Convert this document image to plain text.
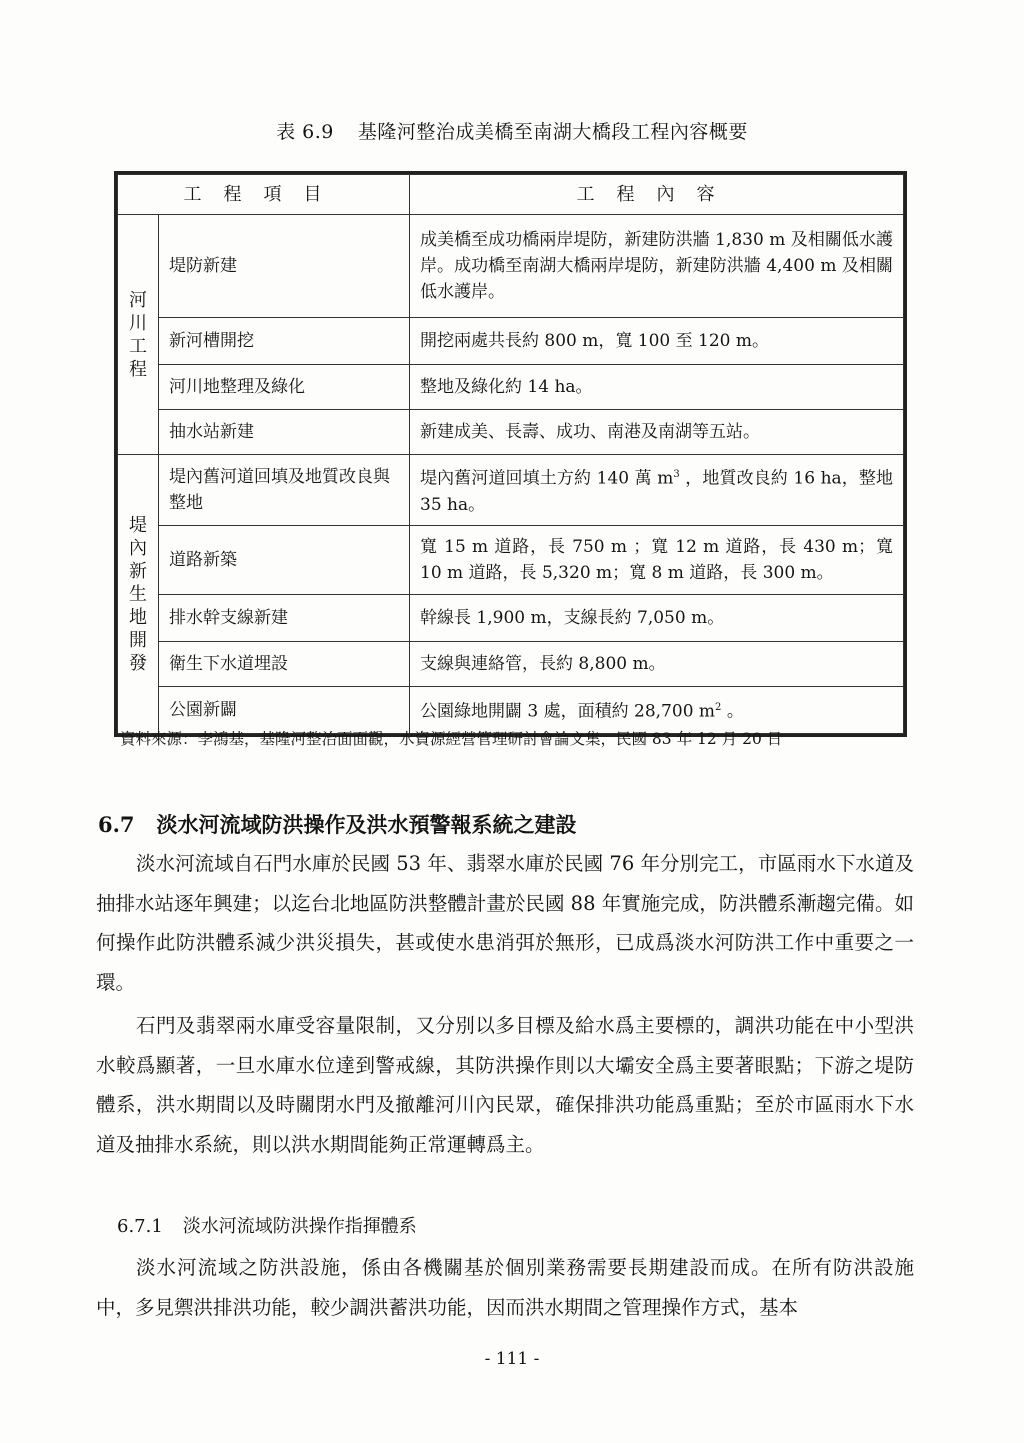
表 6.9 基隆河整治成美橋至南湖大橋段工程內容概要
工程項目		工程內容
河川工程	堤防新建	成美橋至成功橋兩岸堤防，新建防洪牆 1,830 m 及相關低水護岸。成功橋至南湖大橋兩岸堤防，新建防洪牆 4,400 m 及相關低水護岸。
	新河槽開挖	開挖兩處共長約 800 m，寬 100 至 120 m。
	河川地整理及綠化	整地及綠化約 14 ha。
	抽水站新建	新建成美、長壽、成功、南港及南湖等五站。
堤內新生地開發	堤內舊河道回填及地質改良與整地	堤內舊河道回填土方約 140 萬 $m^3$ ，地質改良約 16 ha，整地 35 ha。
	道路新築	寬 15 m 道路，長 750 m ；寬 12 m 道路，長 430 m；寬 10 m 道路，長 5,320 m；寬 8 m 道路，長 300 m。
	排水幹支線新建	幹線長 1,900 m，支線長約 7,050 m。
	衛生下水道埋設	支線與連絡管，長約 8,800 m。
	公園新闢	公園綠地開闢 3 處，面積約 28,700 $m^2$ 。
資料來源：李鴻基，基隆河整治面面觀，水資源經營管理研討會論文集，民國 83 年 12 月 20 日
6.7 淡水河流域防洪操作及洪水預警報系統之建設
淡水河流域自石門水庫於民國 53 年、翡翠水庫於民國 76 年分別完工，市區雨水下水道及抽排水站逐年興建；以迄台北地區防洪整體計畫於民國 88 年實施完成，防洪體系漸趨完備。如何操作此防洪體系減少洪災損失，甚或使水患消弭於無形，已成爲淡水河防洪工作中重要之一環。
石門及翡翠兩水庫受容量限制，又分別以多目標及給水爲主要標的，調洪功能在中小型洪水較爲顯著，一旦水庫水位達到警戒線，其防洪操作則以大壩安全爲主要著眼點；下游之堤防體系，洪水期間以及時關閉水門及撤離河川內民眾，確保排洪功能爲重點；至於市區雨水下水道及抽排水系統，則以洪水期間能夠正常運轉爲主。
6.7.1 淡水河流域防洪操作指揮體系
淡水河流域之防洪設施，係由各機關基於個別業務需要長期建設而成。在所有防洪設施中，多見禦洪排洪功能，較少調洪蓄洪功能，因而洪水期間之管理操作方式，基本
- 111 -
